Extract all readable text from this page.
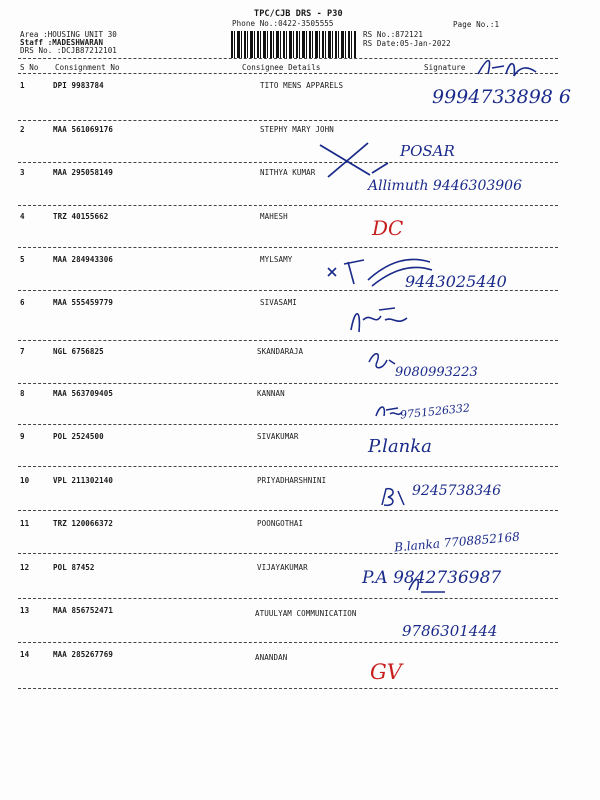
TPC/CJB DRS - P30
Phone No.:0422-3505555	Page No.:1
Area :HOUSING UNIT 30
Staff :MADESHWARAN
DRS No. :DCJB87212101
RS No.:872121
RS Date:05-Jan-2022
S No Consignment No	Consignee Details	Signature
1	DPI 9983784	TITO MENS APPARELS
9994733898 6
2	MAA 561069176	STEPHY MARY JOHN
POSAR
3	MAA 295058149	NITHYA KUMAR
Allimuth 9446303906
4	TRZ 40155662	MAHESH	DC
5	MAA 284943306	MYLSAMY
9443025440
6	MAA 555459779	SIVASAMI
7	NGL 6756825	SKANDARAJA
9080993223
8	MAA 563709405	KANNAN
9751526332
9	POL 2524500	SIVAKUMAR	P.lanka
10	VPL 211302140	PRIYADHARSHNINI
9245738346
11	TRZ 120066372	POONGOTHAI
B.lanka 7708852168
12	POL 87452	VIJAYAKUMAR
P.A 9842736987
13	MAA 856752471	ATUULYAM COMMUNICATION
9786301444
14	MAA 285267769	ANANDAN
GV
